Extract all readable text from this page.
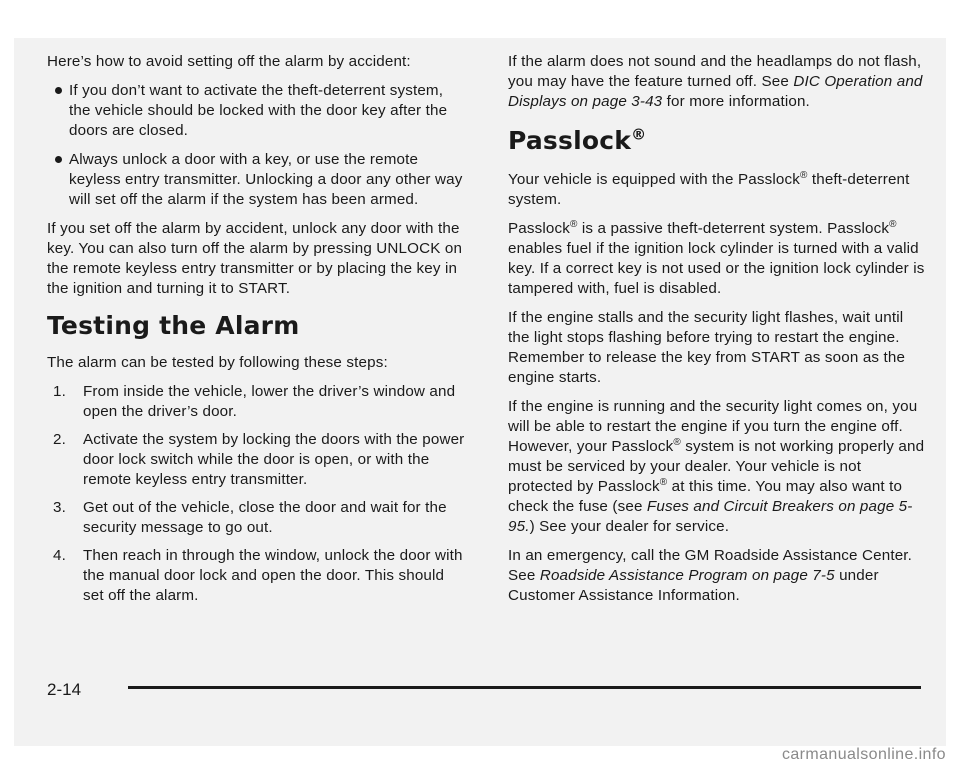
Here’s how to avoid setting off the alarm by accident:

If you don’t want to activate the theft-deterrent system, the vehicle should be locked with the door key after the doors are closed.
Always unlock a door with a key, or use the remote keyless entry transmitter. Unlocking a door any other way will set off the alarm if the system has been armed.

If you set off the alarm by accident, unlock any door with the key. You can also turn off the alarm by pressing UNLOCK on the remote keyless entry transmitter or by placing the key in the ignition and turning it to START.

Testing the Alarm

The alarm can be tested by following these steps:

1. From inside the vehicle, lower the driver’s window and open the driver’s door.
2. Activate the system by locking the doors with the power door lock switch while the door is open, or with the remote keyless entry transmitter.
3. Get out of the vehicle, close the door and wait for the security message to go out.
4. Then reach in through the window, unlock the door with the manual door lock and open the door. This should set off the alarm.

If the alarm does not sound and the headlamps do not flash, you may have the feature turned off. See DIC Operation and Displays on page 3-43 for more information.

Passlock®

Your vehicle is equipped with the Passlock® theft-deterrent system.

Passlock® is a passive theft-deterrent system. Passlock® enables fuel if the ignition lock cylinder is turned with a valid key. If a correct key is not used or the ignition lock cylinder is tampered with, fuel is disabled.

If the engine stalls and the security light flashes, wait until the light stops flashing before trying to restart the engine. Remember to release the key from START as soon as the engine starts.

If the engine is running and the security light comes on, you will be able to restart the engine if you turn the engine off. However, your Passlock® system is not working properly and must be serviced by your dealer. Your vehicle is not protected by Passlock® at this time. You may also want to check the fuse (see Fuses and Circuit Breakers on page 5-95.) See your dealer for service.

In an emergency, call the GM Roadside Assistance Center. See Roadside Assistance Program on page 7-5 under Customer Assistance Information.

2-14
carmanualsonline.info
